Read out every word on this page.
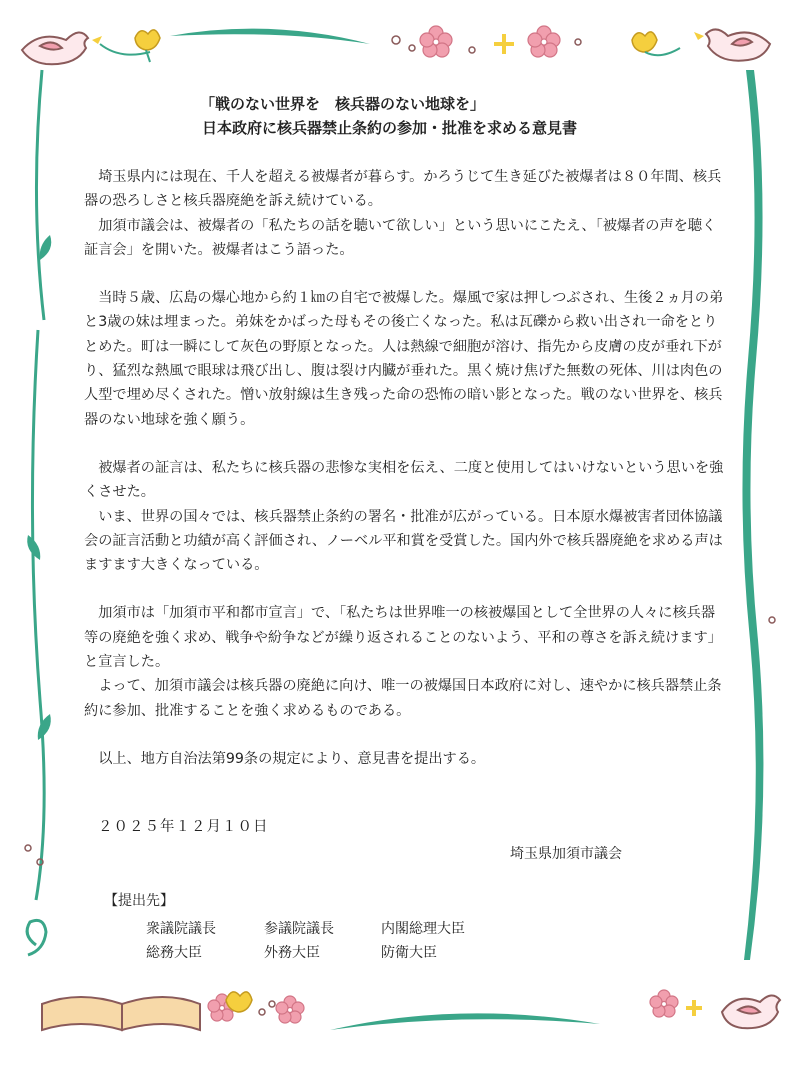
「戦のない世界を　核兵器のない地球を」
日本政府に核兵器禁止条約の参加・批准を求める意見書

埼玉県内には現在、千人を超える被爆者が暮らす。かろうじて生き延びた被爆者は８０年間、核兵器の恐ろしさと核兵器廃絶を訴え続けている。

加須市議会は、被爆者の「私たちの話を聴いて欲しい」という思いにこたえ、「被爆者の声を聴く証言会」を開いた。被爆者はこう語った。

当時５歳、広島の爆心地から約１㎞の自宅で被爆した。爆風で家は押しつぶされ、生後２ヵ月の弟と3歳の妹は埋まった。弟妹をかばった母もその後亡くなった。私は瓦礫から救い出され一命をとりとめた。町は一瞬にして灰色の野原となった。人は熱線で細胞が溶け、指先から皮膚の皮が垂れ下がり、猛烈な熱風で眼球は飛び出し、腹は裂け内臓が垂れた。黒く焼け焦げた無数の死体、川は肉色の人型で埋め尽くされた。憎い放射線は生き残った命の恐怖の暗い影となった。戦のない世界を、核兵器のない地球を強く願う。

被爆者の証言は、私たちに核兵器の悲惨な実相を伝え、二度と使用してはいけないという思いを強くさせた。

いま、世界の国々では、核兵器禁止条約の署名・批准が広がっている。日本原水爆被害者団体協議会の証言活動と功績が高く評価され、ノーベル平和賞を受賞した。国内外で核兵器廃絶を求める声はますます大きくなっている。

加須市は「加須市平和都市宣言」で、「私たちは世界唯一の核被爆国として全世界の人々に核兵器等の廃絶を強く求め、戦争や紛争などが繰り返されることのないよう、平和の尊さを訴え続けます」と宣言した。

よって、加須市議会は核兵器の廃絶に向け、唯一の被爆国日本政府に対し、速やかに核兵器禁止条約に参加、批准することを強く求めるものである。

以上、地方自治法第99条の規定により、意見書を提出する。

２０２５年１２月１０日
埼玉県加須市議会
【提出先】
衆議院議長	参議院議長	内閣総理大臣
総務大臣	外務大臣	防衛大臣
